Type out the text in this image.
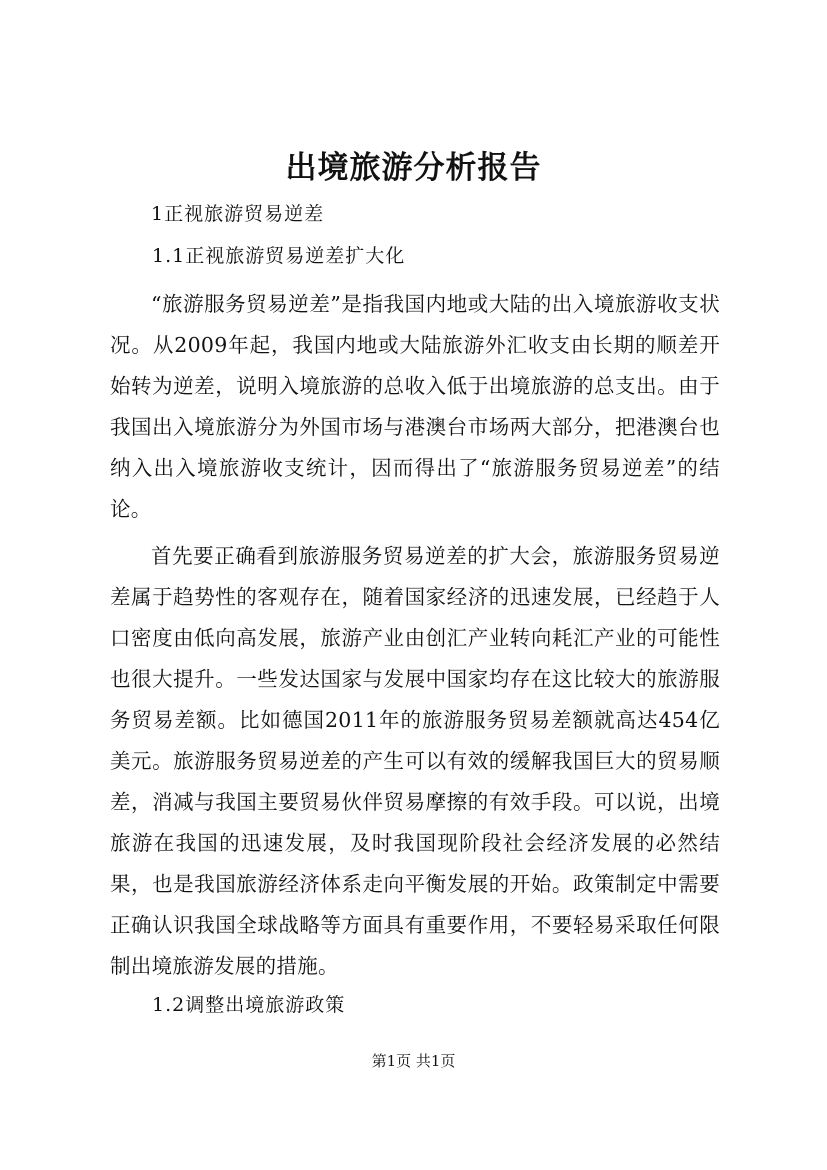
出境旅游分析报告
1正视旅游贸易逆差
1.1正视旅游贸易逆差扩大化
“旅游服务贸易逆差”是指我国内地或大陆的出入境旅游收支状况。从2009年起，我国内地或大陆旅游外汇收支由长期的顺差开始转为逆差，说明入境旅游的总收入低于出境旅游的总支出。由于我国出入境旅游分为外国市场与港澳台市场两大部分，把港澳台也纳入出入境旅游收支统计，因而得出了“旅游服务贸易逆差”的结论。
首先要正确看到旅游服务贸易逆差的扩大会，旅游服务贸易逆差属于趋势性的客观存在，随着国家经济的迅速发展，已经趋于人口密度由低向高发展，旅游产业由创汇产业转向耗汇产业的可能性也很大提升。一些发达国家与发展中国家均存在这比较大的旅游服务贸易差额。比如德国2011年的旅游服务贸易差额就高达454亿美元。旅游服务贸易逆差的产生可以有效的缓解我国巨大的贸易顺差，消减与我国主要贸易伙伴贸易摩擦的有效手段。可以说，出境旅游在我国的迅速发展，及时我国现阶段社会经济发展的必然结果，也是我国旅游经济体系走向平衡发展的开始。政策制定中需要正确认识我国全球战略等方面具有重要作用，不要轻易采取任何限制出境旅游发展的措施。
1.2调整出境旅游政策
第1页 共1页
